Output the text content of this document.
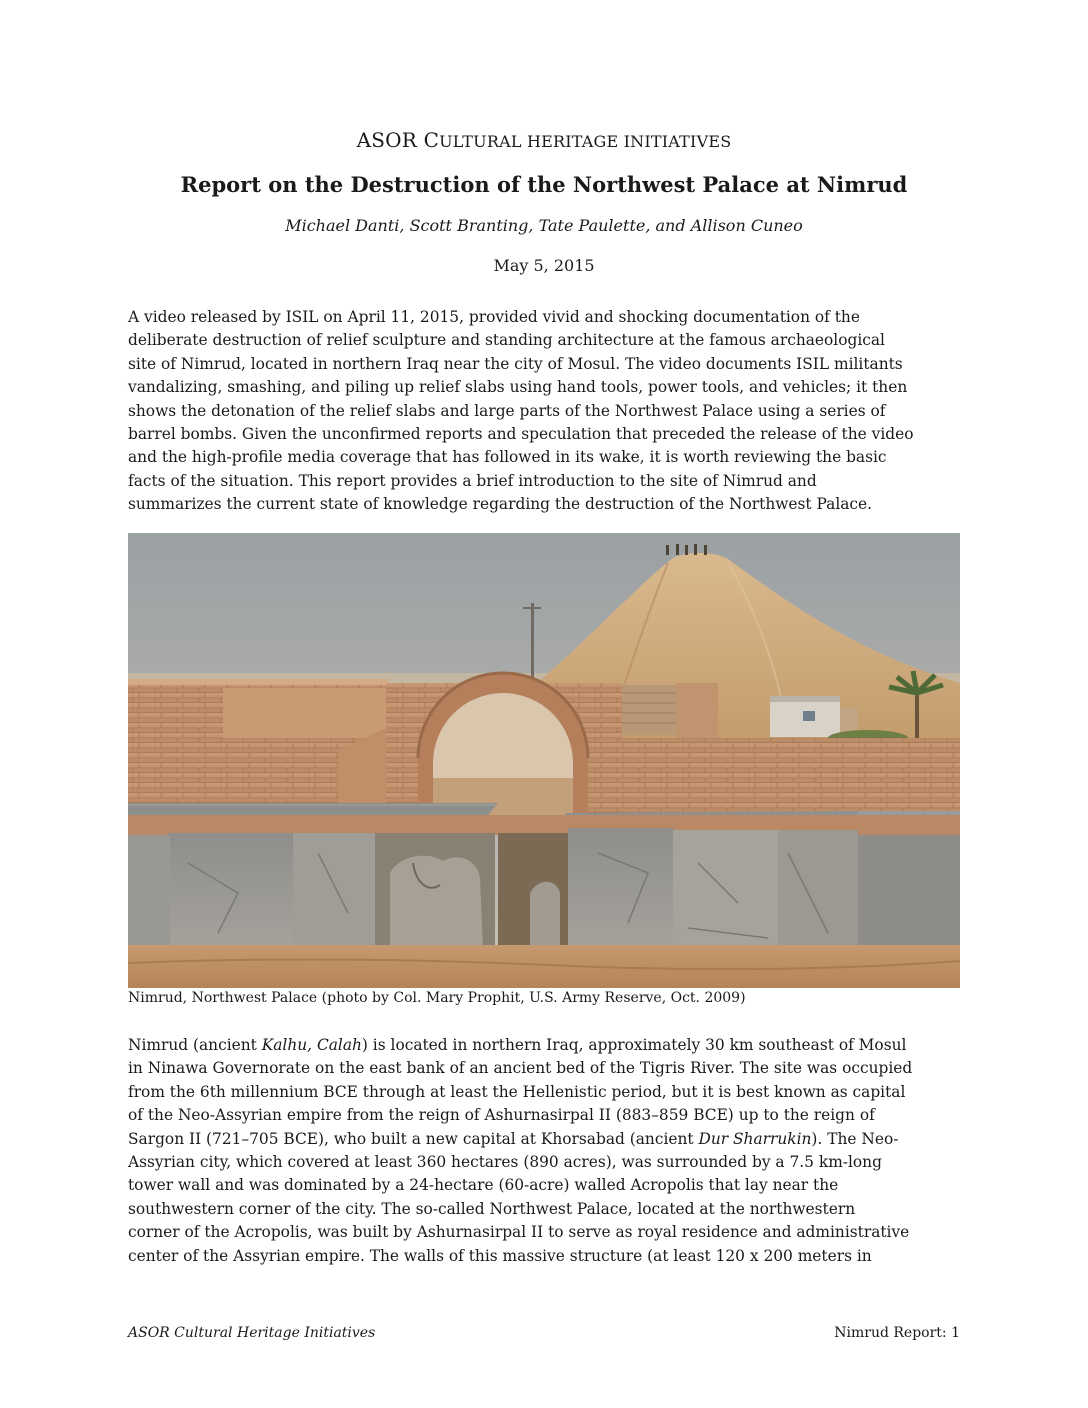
ASOR CULTURAL HERITAGE INITIATIVES
Report on the Destruction of the Northwest Palace at Nimrud
Michael Danti, Scott Branting, Tate Paulette, and Allison Cuneo
May 5, 2015

A video released by ISIL on April 11, 2015, provided vivid and shocking documentation of the
deliberate destruction of relief sculpture and standing architecture at the famous archaeological
site of Nimrud, located in northern Iraq near the city of Mosul. The video documents ISIL militants
vandalizing, smashing, and piling up relief slabs using hand tools, power tools, and vehicles; it then
shows the detonation of the relief slabs and large parts of the Northwest Palace using a series of
barrel bombs. Given the unconfirmed reports and speculation that preceded the release of the video
and the high-profile media coverage that has followed in its wake, it is worth reviewing the basic
facts of the situation. This report provides a brief introduction to the site of Nimrud and
summarizes the current state of knowledge regarding the destruction of the Northwest Palace.

Nimrud, Northwest Palace (photo by Col. Mary Prophit, U.S. Army Reserve, Oct. 2009)

Nimrud (ancient Kalhu, Calah) is located in northern Iraq, approximately 30 km southeast of Mosul
in Ninawa Governorate on the east bank of an ancient bed of the Tigris River. The site was occupied
from the 6th millennium BCE through at least the Hellenistic period, but it is best known as capital
of the Neo-Assyrian empire from the reign of Ashurnasirpal II (883–859 BCE) up to the reign of
Sargon II (721–705 BCE), who built a new capital at Khorsabad (ancient Dur Sharrukin). The Neo-
Assyrian city, which covered at least 360 hectares (890 acres), was surrounded by a 7.5 km-long
tower wall and was dominated by a 24-hectare (60-acre) walled Acropolis that lay near the
southwestern corner of the city. The so-called Northwest Palace, located at the northwestern
corner of the Acropolis, was built by Ashurnasirpal II to serve as royal residence and administrative
center of the Assyrian empire. The walls of this massive structure (at least 120 x 200 meters in

ASOR Cultural Heritage Initiatives	Nimrud Report: 1
